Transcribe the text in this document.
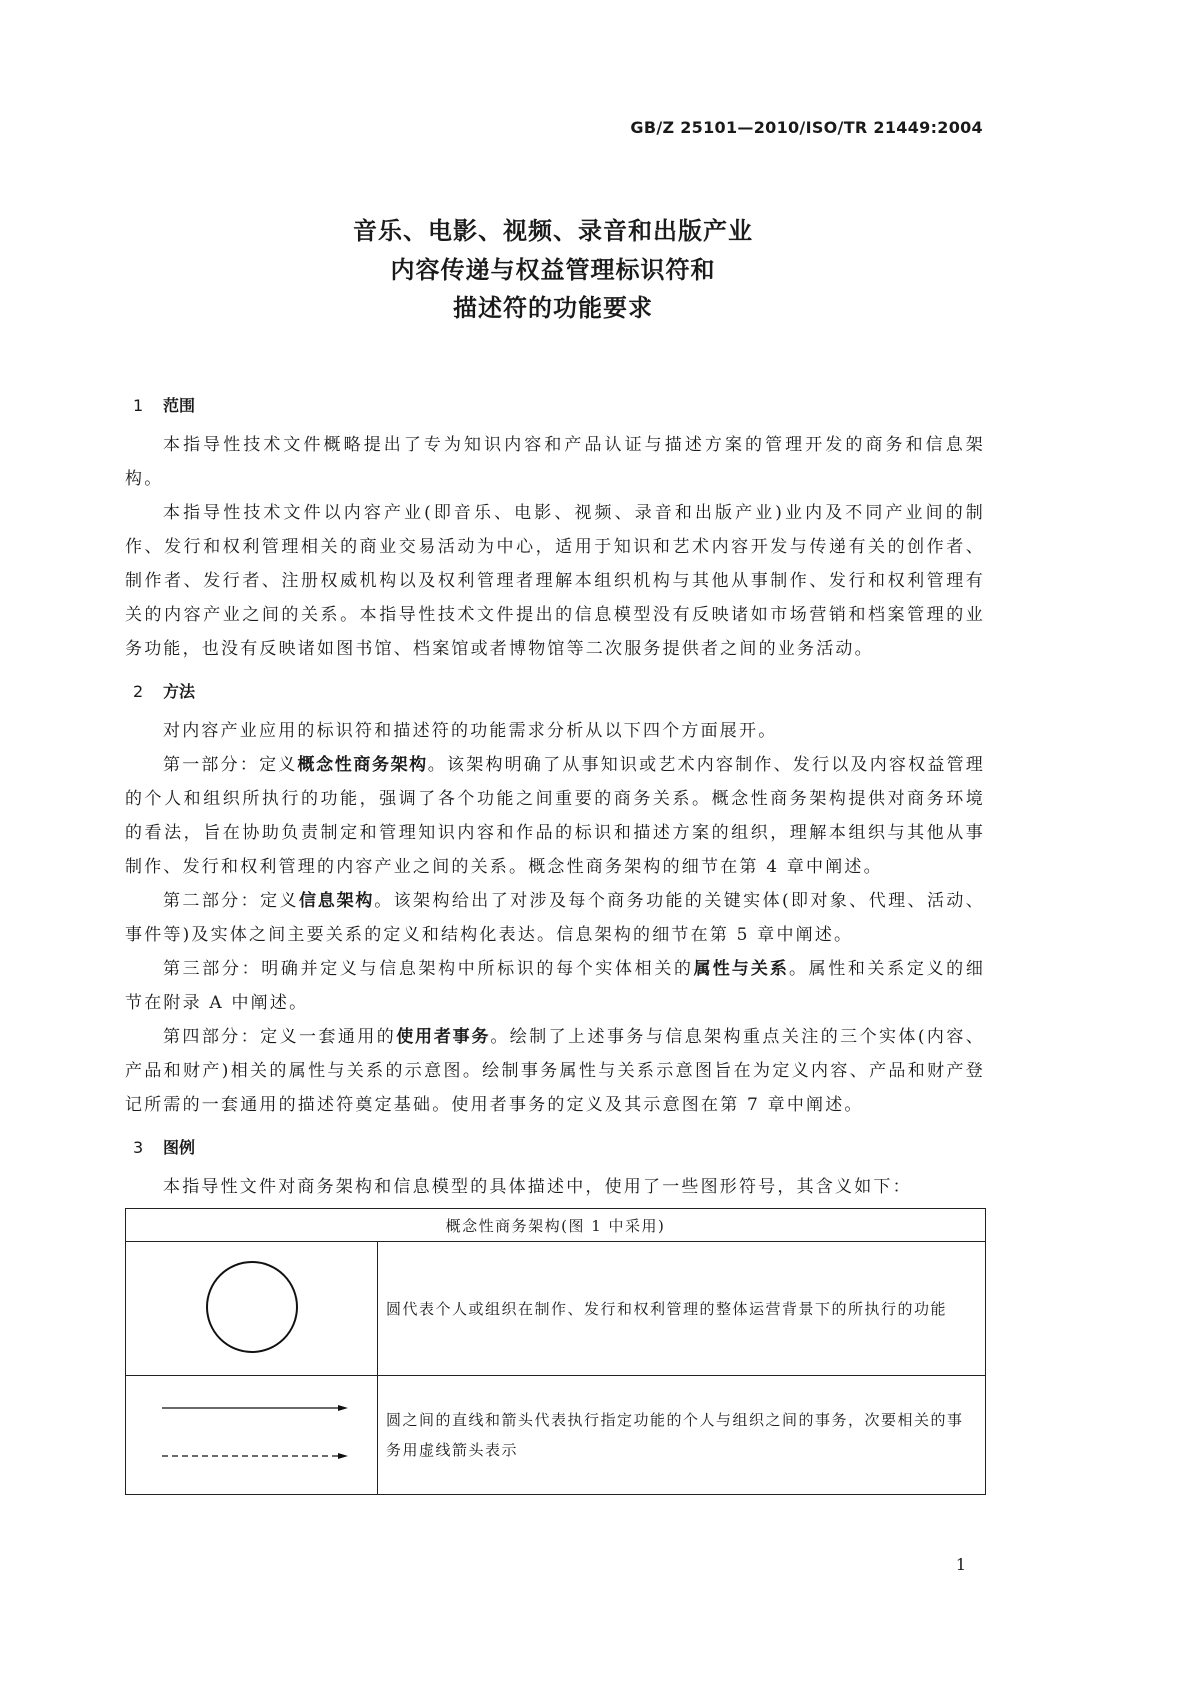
GB/Z 25101—2010/ISO/TR 21449:2004
音乐、电影、视频、录音和出版产业
内容传递与权益管理标识符和
描述符的功能要求
1 范围

本指导性技术文件概略提出了专为知识内容和产品认证与描述方案的管理开发的商务和信息架构。

本指导性技术文件以内容产业(即音乐、电影、视频、录音和出版产业)业内及不同产业间的制作、发行和权利管理相关的商业交易活动为中心，适用于知识和艺术内容开发与传递有关的创作者、制作者、发行者、注册权威机构以及权利管理者理解本组织机构与其他从事制作、发行和权利管理有关的内容产业之间的关系。本指导性技术文件提出的信息模型没有反映诸如市场营销和档案管理的业务功能，也没有反映诸如图书馆、档案馆或者博物馆等二次服务提供者之间的业务活动。

2 方法

对内容产业应用的标识符和描述符的功能需求分析从以下四个方面展开。

第一部分：定义概念性商务架构。该架构明确了从事知识或艺术内容制作、发行以及内容权益管理的个人和组织所执行的功能，强调了各个功能之间重要的商务关系。概念性商务架构提供对商务环境的看法，旨在协助负责制定和管理知识内容和作品的标识和描述方案的组织，理解本组织与其他从事制作、发行和权利管理的内容产业之间的关系。概念性商务架构的细节在第 4 章中阐述。

第二部分：定义信息架构。该架构给出了对涉及每个商务功能的关键实体(即对象、代理、活动、事件等)及实体之间主要关系的定义和结构化表达。信息架构的细节在第 5 章中阐述。

第三部分：明确并定义与信息架构中所标识的每个实体相关的属性与关系。属性和关系定义的细节在附录 A 中阐述。

第四部分：定义一套通用的使用者事务。绘制了上述事务与信息架构重点关注的三个实体(内容、产品和财产)相关的属性与关系的示意图。绘制事务属性与关系示意图旨在为定义内容、产品和财产登记所需的一套通用的描述符奠定基础。使用者事务的定义及其示意图在第 7 章中阐述。

3 图例

本指导性文件对商务架构和信息模型的具体描述中，使用了一些图形符号，其含义如下：

概念性商务架构(图 1 中采用)	
	圆代表个人或组织在制作、发行和权利管理的整体运营背景下的所执行的功能
	圆之间的直线和箭头代表执行指定功能的个人与组织之间的事务，次要相关的事务用虚线箭头表示
1
